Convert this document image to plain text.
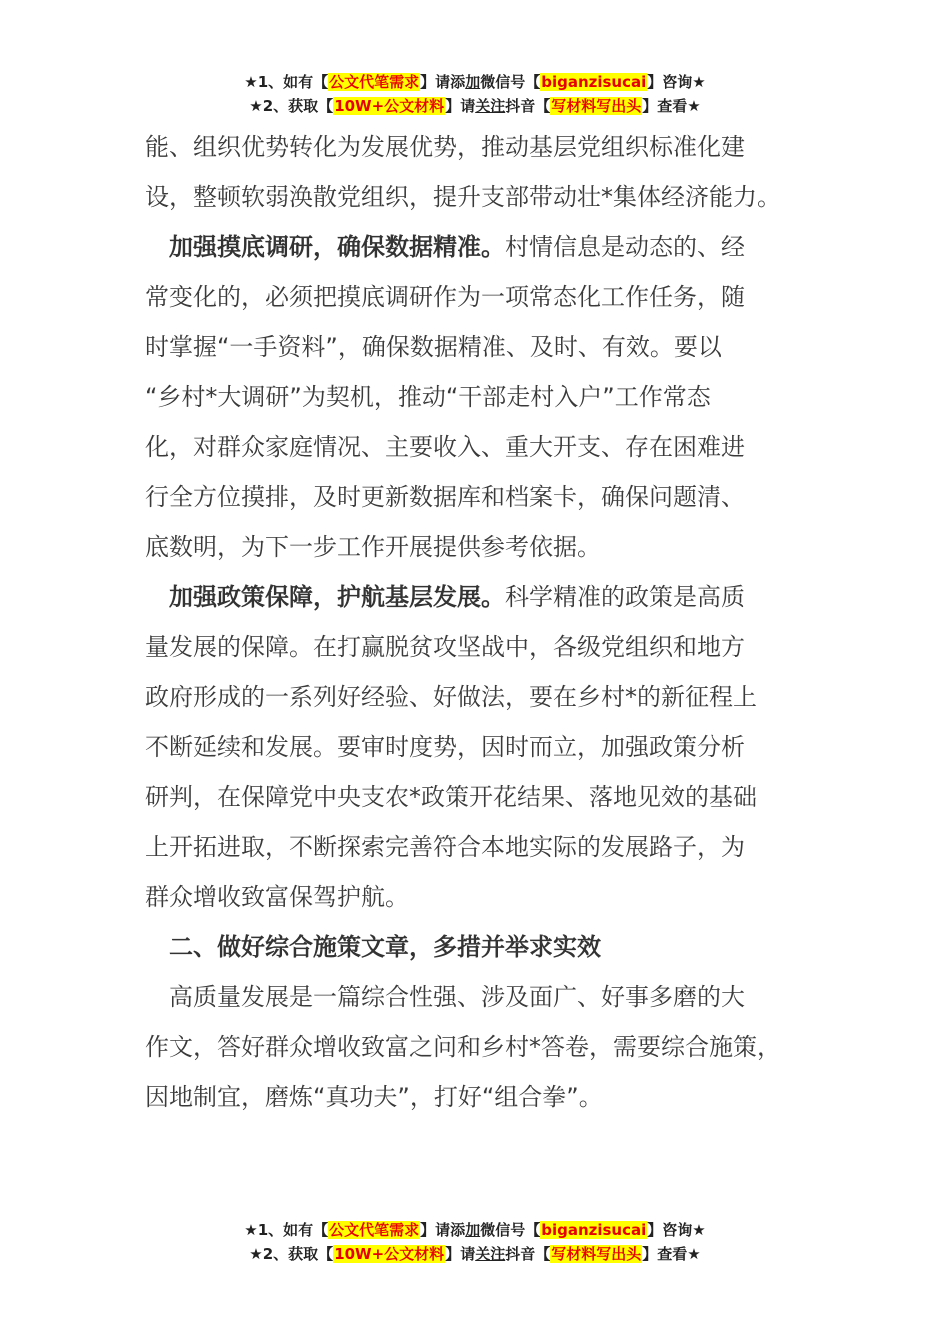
★1、如有【公文代笔需求】请添加微信号【biganzisucai】咨询★
★2、获取【10W+公文材料】请关注抖音【写材料写出头】查看★
能、组织优势转化为发展优势，推动基层党组织标准化建
设，整顿软弱涣散党组织，提升支部带动壮*集体经济能力。
　加强摸底调研，确保数据精准。村情信息是动态的、经
常变化的，必须把摸底调研作为一项常态化工作任务，随
时掌握“一手资料”，确保数据精准、及时、有效。要以
“乡村*大调研”为契机，推动“干部走村入户”工作常态
化，对群众家庭情况、主要收入、重大开支、存在困难进
行全方位摸排，及时更新数据库和档案卡，确保问题清、
底数明，为下一步工作开展提供参考依据。
　加强政策保障，护航基层发展。科学精准的政策是高质
量发展的保障。在打赢脱贫攻坚战中，各级党组织和地方
政府形成的一系列好经验、好做法，要在乡村*的新征程上
不断延续和发展。要审时度势，因时而立，加强政策分析
研判，在保障党中央支农*政策开花结果、落地见效的基础
上开拓进取，不断探索完善符合本地实际的发展路子，为
群众增收致富保驾护航。
　二、做好综合施策文章，多措并举求实效
　高质量发展是一篇综合性强、涉及面广、好事多磨的大
作文，答好群众增收致富之问和乡村*答卷，需要综合施策，
因地制宜，磨炼“真功夫”，打好“组合拳”。
★1、如有【公文代笔需求】请添加微信号【biganzisucai】咨询★
★2、获取【10W+公文材料】请关注抖音【写材料写出头】查看★
